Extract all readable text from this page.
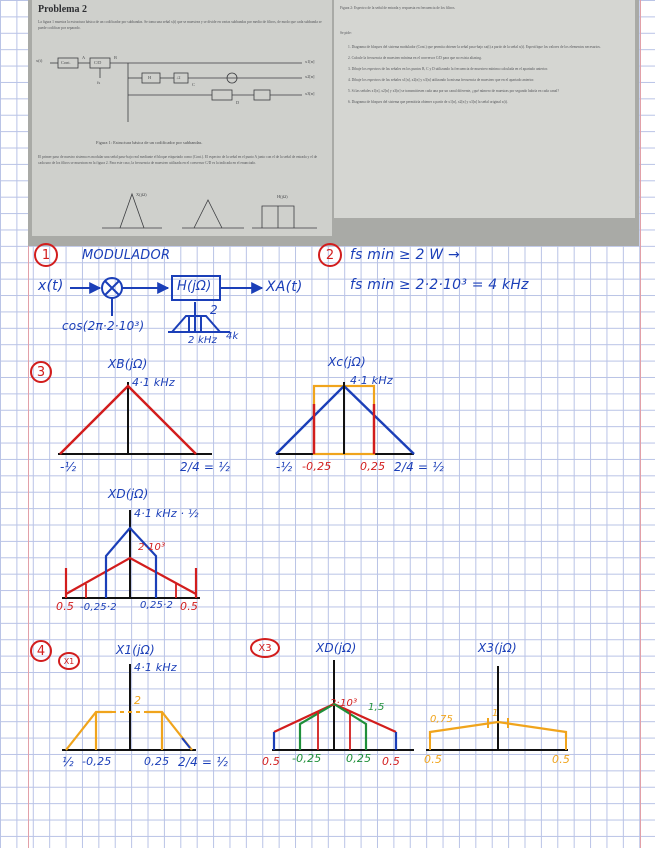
Problema 2
La figura 1 muestra la estructura básica de un codificador por subbandas. Se toma una señal x(t) que se muestrea y se divide en varias subbandas por medio de filtros, de modo que cada subbanda se puede codificar por separado.
x(t)	Cont.
A
C/D
B
fs
H
C
D
x1[n]
x2[n]
x3[n]
↓2
H(jΩ)
X(jΩ)
Figura 1: Estructura básica de un codificador por subbandas.
El primer paso de nuestro sistema es modular una señal paso-bajo real mediante el bloque etiquetado como (Cont.). El espectro de la señal en el punto A junto con el de la señal de entrada y el de cada uno de los filtros se muestran en la figura 2. Para este caso, la frecuencia de muestreo utilizada en el conversor C/D es la indicada en el enunciado.
Figura 2: Espectro de la señal de entrada y respuesta en frecuencia de los filtros.
Se pide:
1. Diagrama de bloques del sistema modulador (Cont.) que permita obtener la señal paso-bajo xa(t) a partir de la señal x(t). Especifique los valores de los elementos necesarios.
2. Calcule la frecuencia de muestreo mínima en el conversor C/D para que no exista aliasing.
3. Dibuje los espectros de las señales en los puntos B, C y D utilizando la frecuencia de muestreo mínima calculada en el apartado anterior.
4. Dibuje los espectros de las señales x1[n], x2[n] y x3[n] utilizando la misma frecuencia de muestreo que en el apartado anterior.
5. Si las señales x1[n], x2[n] y x3[n] se transmitiesen cada una por un canal diferente, ¿qué número de muestras por segundo habría en cada canal?
6. Diagrama de bloques del sistema que permitiría obtener a partir de x1[n], x2[n] y x3[n] la señal original x(t).
1	MODULADOR
x(t)	H(jΩ)	XA(t)
cos(2π·2·10³)
2
2 kHz 4k
2	fs min ≥ 2 W →
fs min ≥ 2·2·10³ = 4 kHz
3
XB(jΩ)
4·1 kHz
-½	2/4 = ½
Xc(jΩ)
4·1 kHz
-½ -0,25	0,25 2/4 = ½
XD(jΩ)
4·1 kHz · ½
2·10³
0.5 -0,25·2 0,25·2 0.5
4
X1
X1(jΩ)
4·1 kHz
2
½ -0,25	0,25 2/4 = ½
X3	XD(jΩ)
2·10³ 1,5
0.5 -0,25 0,25 0.5
X3(jΩ)
0,75
1
0.5	0.5
